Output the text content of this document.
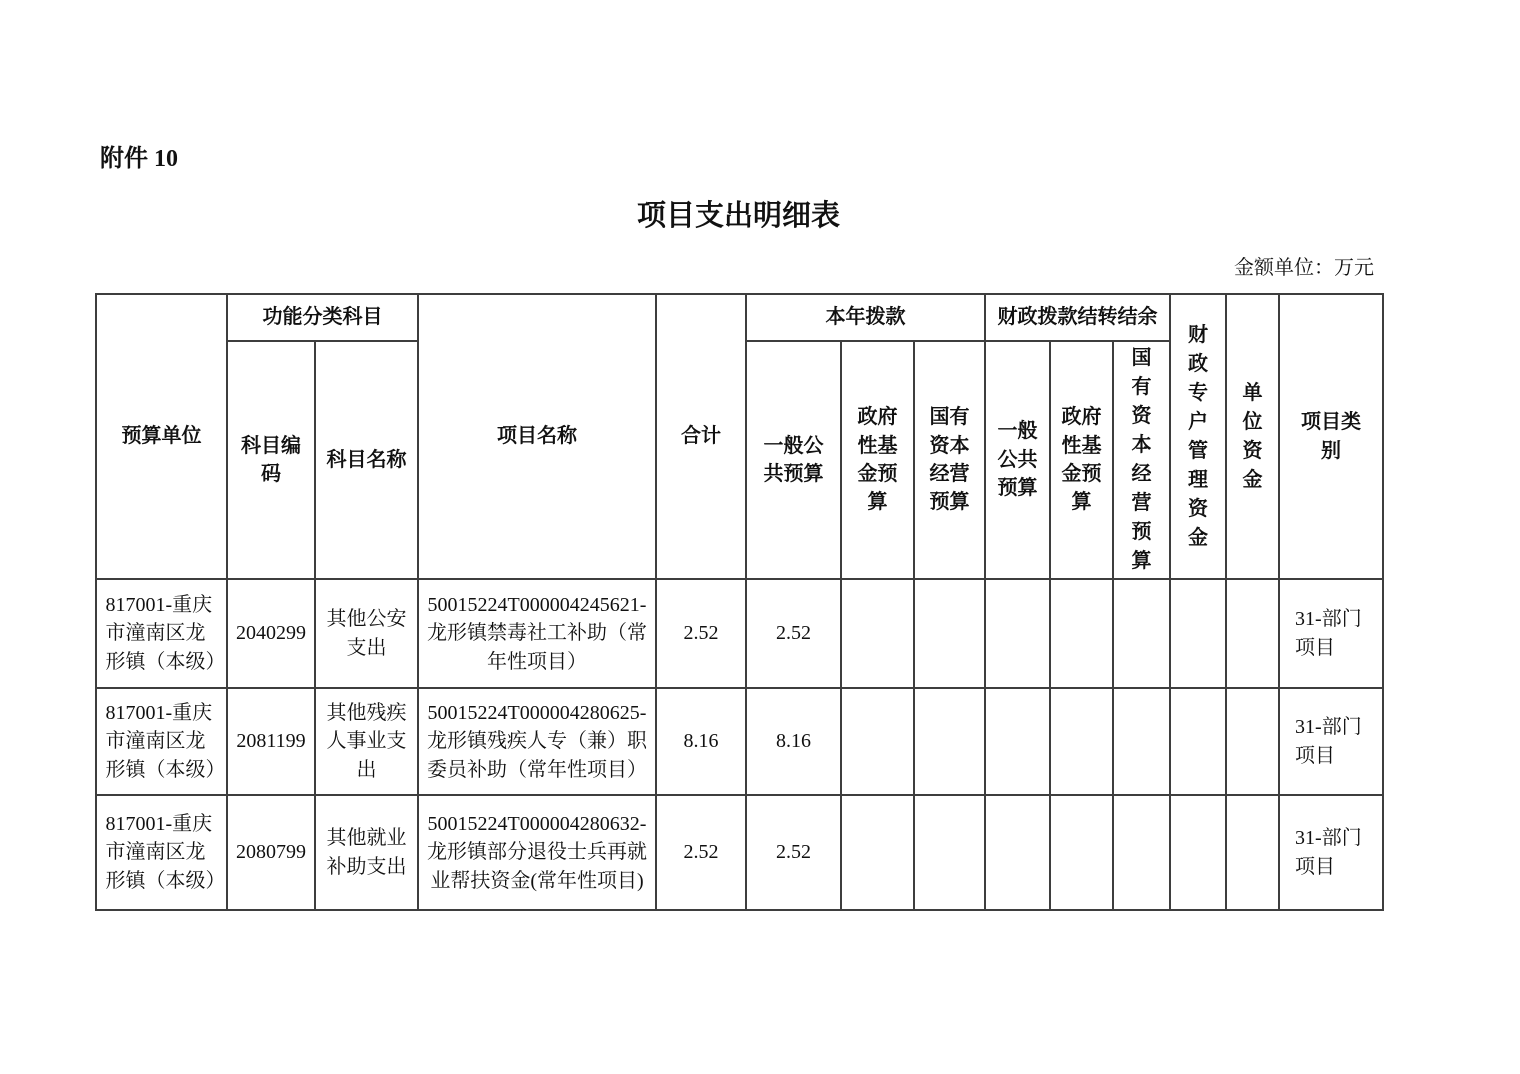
附件 10
项目支出明细表
金额单位：万元
预算单位	功能分类科目		项目名称	合计	本年拨款			财政拨款结转结余			财政专户管理资金	单位资金	项目类别
	科目编码	科目名称			一般公共预算	政府性基金预算	国有资本经营预算	一般公共预算	政府性基金预算	国有资本经营预算			
817001-重庆市潼南区龙形镇（本级）	2040299	其他公安支出	50015224T000004245621-龙形镇禁毒社工补助（常年性项目）	2.52	2.52								31-部门项目
817001-重庆市潼南区龙形镇（本级）	2081199	其他残疾人事业支出	50015224T000004280625-龙形镇残疾人专（兼）职委员补助（常年性项目）	8.16	8.16								31-部门项目
817001-重庆市潼南区龙形镇（本级）	2080799	其他就业补助支出	50015224T000004280632-龙形镇部分退役士兵再就业帮扶资金(常年性项目)	2.52	2.52								31-部门项目
